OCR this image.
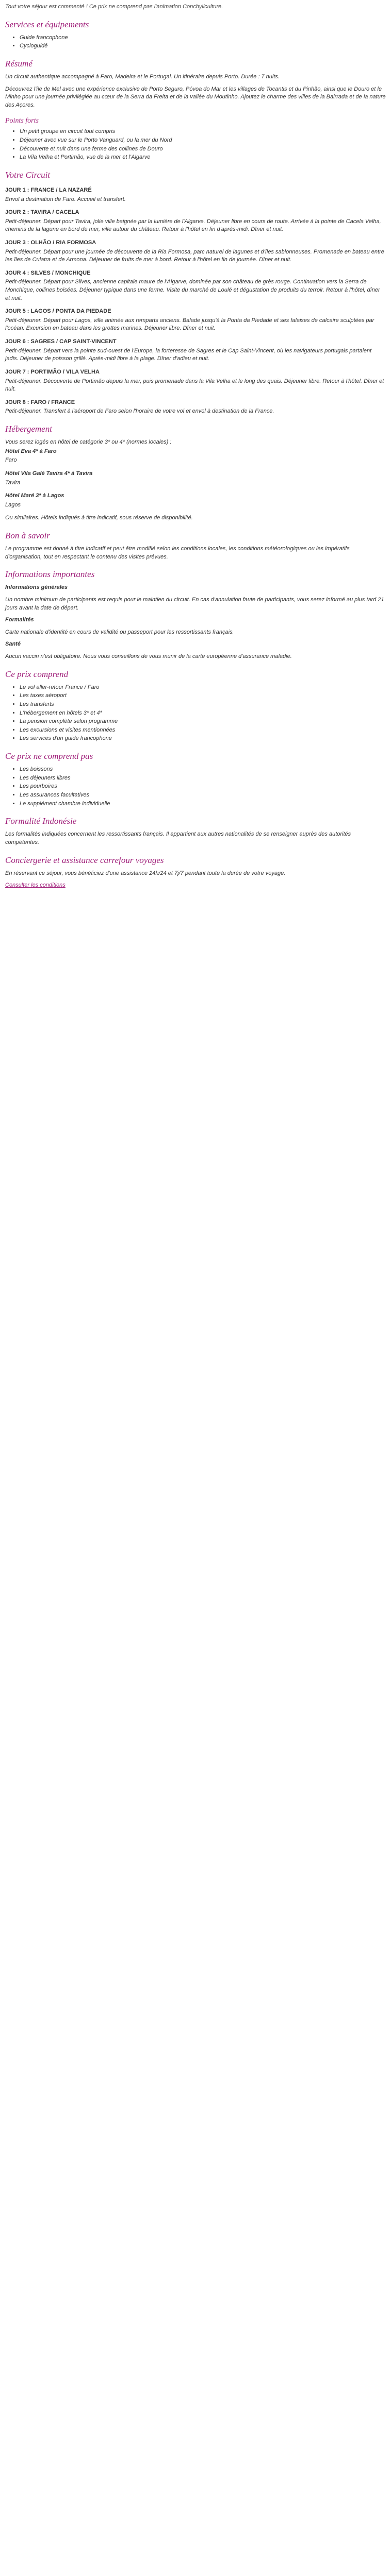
Tout votre séjour est commenté ! Ce prix ne comprend pas l'animation Conchyliculture.

Services et équipements
• Guide francophone
• Cycloguidé
Résumé

Un circuit authentique accompagné à Faro, Madeira et le Portugal. Un itinéraire depuis Porto. Durée : 7 nuits.

Découvrez l'île de Mel avec une expérience exclusive de Porto Seguro, Póvoa do Mar et les villages de Tocantis et du Pinhão, ainsi que le Douro et le Minho pour une journée privilégiée au cœur de la Serra da Freita et de la vallée du Moutinho. Ajoutez le charme des villes de la Bairrada et de la nature des Açores.

Points forts
• Un petit groupe en circuit tout compris
• Déjeuner avec vue sur le Porto Vanguard, ou la mer du Nord
• Découverte et nuit dans une ferme des collines de Douro
• La Vila Velha et Portimão, vue de la mer et l'Algarve
Votre Circuit
JOUR 1 : FRANCE / LA NAZARÉ

Envol à destination de Faro. Accueil et transfert.

JOUR 2 : TAVIRA / CACELA

Petit-déjeuner. Départ pour Tavira, jolie ville baignée par la lumière de l'Algarve. Déjeuner libre en cours de route. Arrivée à la pointe de Cacela Velha, chemins de la lagune en bord de mer, ville autour du château. Retour à l'hôtel en fin d'après-midi. Dîner et nuit.

JOUR 3 : OLHÃO / RIA FORMOSA

Petit-déjeuner. Départ pour une journée de découverte de la Ria Formosa, parc naturel de lagunes et d'îles sablonneuses. Promenade en bateau entre les îles de Culatra et de Armona. Déjeuner de fruits de mer à bord. Retour à l'hôtel en fin de journée. Dîner et nuit.

JOUR 4 : SILVES / MONCHIQUE

Petit-déjeuner. Départ pour Silves, ancienne capitale maure de l'Algarve, dominée par son château de grès rouge. Continuation vers la Serra de Monchique, collines boisées. Déjeuner typique dans une ferme. Visite du marché de Loulé et dégustation de produits du terroir. Retour à l'hôtel, dîner et nuit.

JOUR 5 : LAGOS / PONTA DA PIEDADE

Petit-déjeuner. Départ pour Lagos, ville animée aux remparts anciens. Balade jusqu'à la Ponta da Piedade et ses falaises de calcaire sculptées par l'océan. Excursion en bateau dans les grottes marines. Déjeuner libre. Dîner et nuit.

JOUR 6 : SAGRES / CAP SAINT-VINCENT

Petit-déjeuner. Départ vers la pointe sud-ouest de l'Europe, la forteresse de Sagres et le Cap Saint-Vincent, où les navigateurs portugais partaient jadis. Déjeuner de poisson grillé. Après-midi libre à la plage. Dîner d'adieu et nuit.

JOUR 7 : PORTIMÃO / VILA VELHA

Petit-déjeuner. Découverte de Portimão depuis la mer, puis promenade dans la Vila Velha et le long des quais. Déjeuner libre. Retour à l'hôtel. Dîner et nuit.

JOUR 8 : FARO / FRANCE

Petit-déjeuner. Transfert à l'aéroport de Faro selon l'horaire de votre vol et envol à destination de la France.

Hébergement

Vous serez logés en hôtel de catégorie 3* ou 4* (normes locales) :

Hôtel Eva 4* à Faro

Faro

Hôtel Vila Galé Tavira 4* à Tavira

Tavira

Hôtel Maré 3* à Lagos

Lagos

Ou similaires. Hôtels indiqués à titre indicatif, sous réserve de disponibilité.

Bon à savoir

Le programme est donné à titre indicatif et peut être modifié selon les conditions locales, les conditions météorologiques ou les impératifs d'organisation, tout en respectant le contenu des visites prévues.

Informations importantes

Informations générales

Un nombre minimum de participants est requis pour le maintien du circuit. En cas d'annulation faute de participants, vous serez informé au plus tard 21 jours avant la date de départ.

Formalités

Carte nationale d'identité en cours de validité ou passeport pour les ressortissants français.

Santé

Aucun vaccin n'est obligatoire. Nous vous conseillons de vous munir de la carte européenne d'assurance maladie.

Ce prix comprend
• Le vol aller-retour France / Faro
• Les taxes aéroport
• Les transferts
• L'hébergement en hôtels 3* et 4*
• La pension complète selon programme
• Les excursions et visites mentionnées
• Les services d'un guide francophone
Ce prix ne comprend pas
• Les boissons
• Les déjeuners libres
• Les pourboires
• Les assurances facultatives
• Le supplément chambre individuelle
Formalité Indonésie

Les formalités indiquées concernent les ressortissants français. Il appartient aux autres nationalités de se renseigner auprès des autorités compétentes.

Conciergerie et assistance carrefour voyages

En réservant ce séjour, vous bénéficiez d'une assistance 24h/24 et 7j/7 pendant toute la durée de votre voyage.

Consulter les conditions
